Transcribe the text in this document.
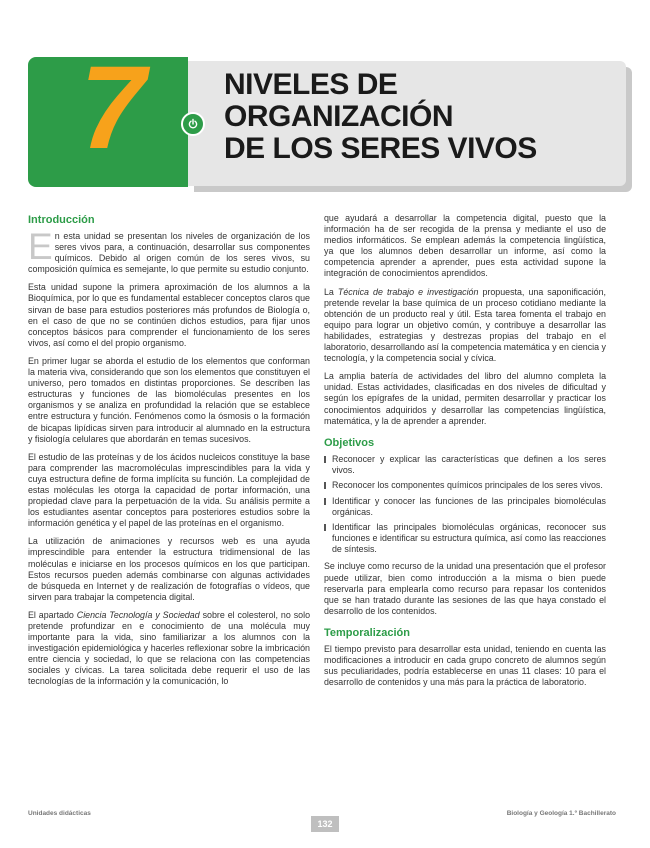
7	NIVELES DE
ORGANIZACIÓN
DE LOS SERES VIVOS
Introducción

En esta unidad se presentan los niveles de organización de los seres vivos para, a continuación, desarrollar sus componentes químicos. Debido al origen común de los seres vivos, su composición química es semejante, lo que permite su estudio conjunto.

Esta unidad supone la primera aproximación de los alumnos a la Bioquímica, por lo que es fundamental establecer conceptos claros que sirvan de base para estudios posteriores más profundos de Biología o, en el caso de que no se continúen dichos estudios, para fijar unos conceptos básicos para comprender el funcionamiento de los seres vivos, así como el del propio organismo.

En primer lugar se aborda el estudio de los elementos que conforman la materia viva, considerando que son los elementos que constituyen el universo, pero tomados en distintas proporciones. Se describen las estructuras y funciones de las biomoléculas presentes en los organismos y se analiza en profundidad la relación que se establece entre estructura y función. Fenómenos como la ósmosis o la formación de bicapas lipídicas sirven para introducir al alumnado en la estructura y fisiología celulares que abordarán en temas sucesivos.

El estudio de las proteínas y de los ácidos nucleicos constituye la base para comprender las macromoléculas imprescindibles para la vida y cuya estructura define de forma implícita su función. La complejidad de estas moléculas les otorga la capacidad de portar información, una propiedad clave para la perpetuación de la vida. Su análisis permite a los estudiantes asentar conceptos para posteriores estudios sobre la información genética y el papel de las proteínas en el organismo.

La utilización de animaciones y recursos web es una ayuda imprescindible para entender la estructura tridimensional de las moléculas e iniciarse en los procesos químicos en los que participan. Estos recursos pueden además combinarse con algunas actividades de búsqueda en Internet y de realización de fotografías o vídeos, que sirven para trabajar la competencia digital.

El apartado Ciencia Tecnología y Sociedad sobre el colesterol, no solo pretende profundizar en e conocimiento de una molécula muy importante para la vida, sino familiarizar a los alumnos con la investigación epidemiológica y hacerles reflexionar sobre la imbricación entre ciencia y sociedad, lo que se relaciona con las competencias sociales y cívicas. La tarea solicitada debe requerir el uso de las tecnologías de la información y la comunicación, lo

que ayudará a desarrollar la competencia digital, puesto que la información ha de ser recogida de la prensa y mediante el uso de medios informáticos. Se emplean además la competencia lingüística, ya que los alumnos deben desarrollar un informe, así como la competencia aprender a aprender, pues esta actividad supone la integración de conocimientos aprendidos.

La Técnica de trabajo e investigación propuesta, una saponificación, pretende revelar la base química de un proceso cotidiano mediante la obtención de un producto real y útil. Esta tarea fomenta el trabajo en equipo para lograr un objetivo común, y contribuye a desarrollar las habilidades, estrategias y destrezas propias del trabajo en el laboratorio, desarrollando así la competencia matemática y en ciencia y tecnología, y la competencia social y cívica.

La amplia batería de actividades del libro del alumno completa la unidad. Estas actividades, clasificadas en dos niveles de dificultad y según los epígrafes de la unidad, permiten desarrollar y practicar los conocimientos adquiridos y desarrollar las competencias lingüística, matemática, y la de aprender a aprender.

Objetivos
Reconocer y explicar las características que definen a los seres vivos.
Reconocer los componentes químicos principales de los seres vivos.
Identificar y conocer las funciones de las principales biomoléculas orgánicas.
Identificar las principales biomoléculas orgánicas, reconocer sus funciones e identificar su estructura química, así como las reacciones de síntesis.

Se incluye como recurso de la unidad una presentación que el profesor puede utilizar, bien como introducción a la misma o bien puede reservarla para emplearla como recurso para repasar los contenidos que se han tratado durante las sesiones de las que haya constado el desarrollo de los contenidos.

Temporalización

El tiempo previsto para desarrollar esta unidad, teniendo en cuenta las modificaciones a introducir en cada grupo concreto de alumnos según sus peculiaridades, podría establecerse en unas 11 clases: 10 para el desarrollo de contenidos y una más para la práctica de laboratorio.

Unidades didácticas	Biología y Geología 1.º Bachillerato
132
